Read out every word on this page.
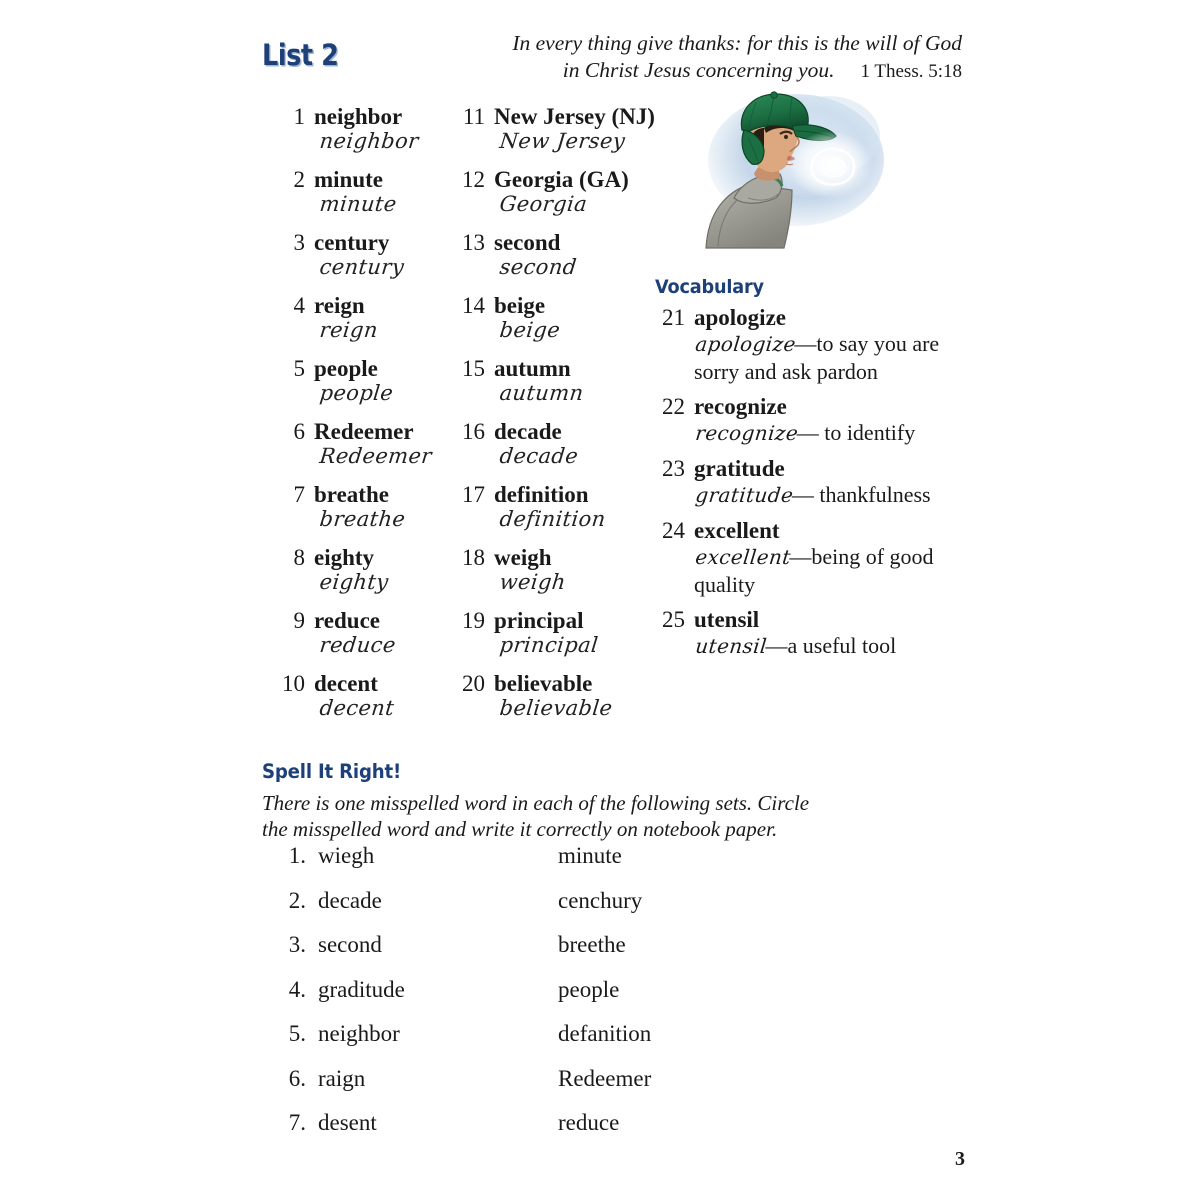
List 2	In every thing give thanks: for this is the will of God
in Christ Jesus concerning you. 1 Thess. 5:18
1 neighbor
neighbor
2 minute
minute
3 century
century
4 reign
reign
5 people
people
6 Redeemer
Redeemer
7 breathe
breathe
8 eighty
eighty
9 reduce
reduce
10 decent
decent
11 New Jersey (NJ)
New Jersey
12 Georgia (GA)
Georgia
13 second
second
14 beige
beige
15 autumn
autumn
16 decade
decade
17 definition
definition
18 weigh
weigh
19 principal
principal
20 believable
believable
Vocabulary
21 apologize
apologize—to say you are sorry and ask pardon
22 recognize
recognize— to identify
23 gratitude
gratitude— thankfulness
24 excellent
excellent—being of good quality
25 utensil
utensil—a useful tool
Spell It Right!
There is one misspelled word in each of the following sets. Circle the misspelled word and write it correctly on notebook paper.
1. wiegh	minute
2. decade	cenchury
3. second	breethe
4. graditude	people
5. neighbor	defanition
6. raign	Redeemer
7. desent	reduce
3
